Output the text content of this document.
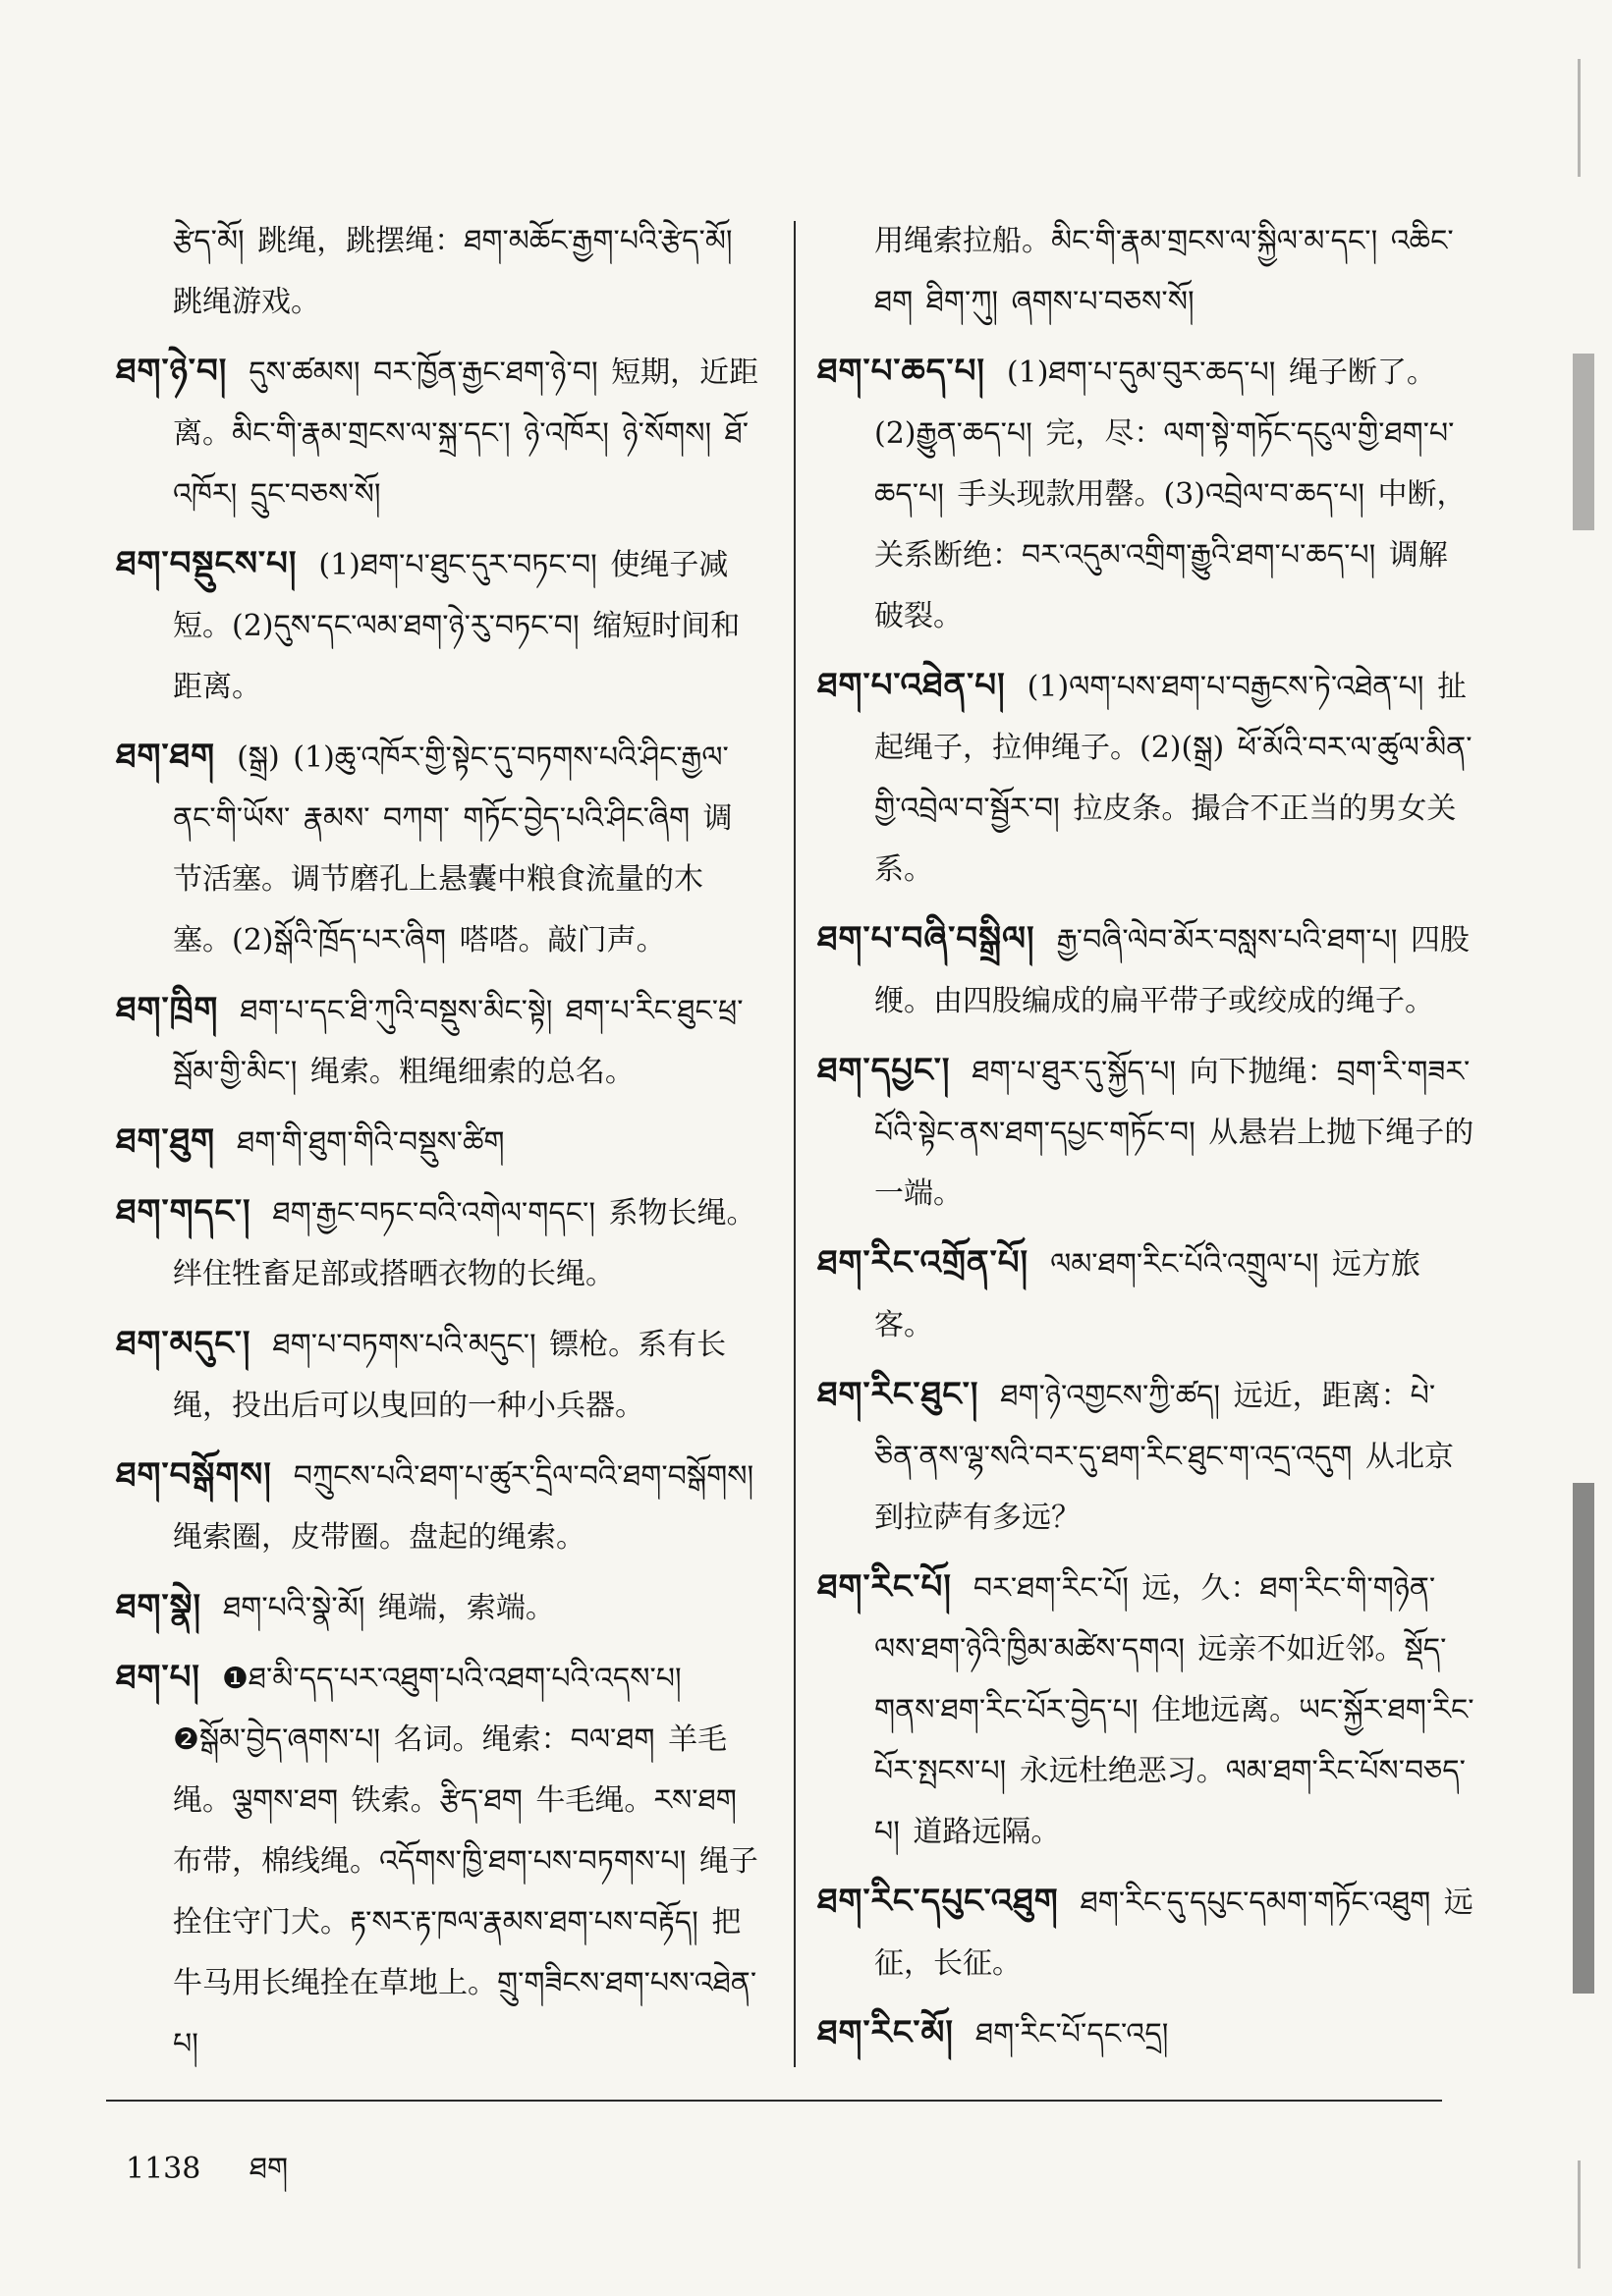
རྩེད་མོ། 跳绳，跳摆绳：ཐག་མཆོང་རྒྱག་པའི་རྩེད་མོ། 跳绳游戏。
ཐག་ཉེ་བ། དུས་ཚམས། བར་ཁྱོན་རྒྱང་ཐག་ཉེ་བ། 短期，近距离。མིང་གི་རྣམ་གྲངས་ལ་སྐྲ་དང་། ཉེ་འཁོར། ཉེ་སོགས། ཐོ་འཁོར། དྲུང་བཅས་སོ།
ཐག་བསྡུངས་པ། (1)ཐག་པ་ཐུང་དུར་བཏང་བ། 使绳子减短。(2)དུས་དང་ལམ་ཐག་ཉེ་རུ་བཏང་བ། 缩短时间和距离。
ཐག་ཐག (སྒྲ) (1)ཆུ་འཁོར་གྱི་སྟེང་དུ་བཏགས་པའི་ཤིང་རྒྱལ་ནང་གི་ཡོས་ རྣམས་ བཀག་ གཏོང་བྱེད་པའི་ཤིང་ཞིག 调节活塞。调节磨孔上悬囊中粮食流量的木塞。(2)སྒོའི་ཁྲོད་པར་ཞིག 嗒嗒。敲门声。
ཐག་ཁྲིག ཐག་པ་དང་ཐི་ཀུའི་བསྡུས་མིང་སྟེ། ཐག་པ་རིང་ཐུང་ཕྲ་སྦོམ་གྱི་མིང་། 绳索。粗绳细索的总名。
ཐག་ཐུག ཐག་གི་ཐུག་གིའི་བསྡུས་ཚིག
ཐག་གདང་། ཐག་རྒྱང་བཏང་བའི་འགེལ་གདང་། 系物长绳。绊住牲畜足部或搭晒衣物的长绳。
ཐག་མདུང་། ཐག་པ་བཏགས་པའི་མདུང་། 镖枪。系有长绳，投出后可以曳回的一种小兵器。
ཐག་བསྒོགས། བཀྲུངས་པའི་ཐག་པ་ཚུར་དྲིལ་བའི་ཐག་བསྒོགས། 绳索圈，皮带圈。盘起的绳索。
ཐག་སྣེ། ཐག་པའི་སྣེ་མོ། 绳端，索端。
ཐག་པ། ❶ཐ་མི་དད་པར་འཐུག་པའི་འཐག་པའི་འདས་པ། ❷སྒོམ་བྱེད་ཞགས་པ། 名词。绳索：བལ་ཐག 羊毛绳。ལྕགས་ཐག 铁索。རྩིད་ཐག 牛毛绳。རས་ཐག 布带，棉线绳。འདོགས་ཁྱི་ཐག་པས་བཏགས་པ། 绳子拴住守门犬。རྟ་སར་རྟ་ཁལ་རྣམས་ཐག་པས་བརྟོད། 把牛马用长绳拴在草地上。གྲུ་གཟིངས་ཐག་པས་འཐེན་པ།
用绳索拉船。མིང་གི་རྣམ་གྲངས་ལ་སྐྱིལ་མ་དང་། འཆིང་ཐག ཐིག་ཀུ། ཞགས་པ་བཅས་སོ།
ཐག་པ་ཆད་པ། (1)ཐག་པ་དུམ་བུར་ཆད་པ། 绳子断了。(2)རྒྱུན་ཆད་པ། 完，尽：ལག་སྟེ་གཏོང་དངུལ་གྱི་ཐག་པ་ཆད་པ། 手头现款用罄。(3)འབྲེལ་བ་ཆད་པ། 中断，关系断绝：བར་འདུམ་འགྲིག་རྒྱུའི་ཐག་པ་ཆད་པ། 调解破裂。
ཐག་པ་འཐེན་པ། (1)ལག་པས་ཐག་པ་བརྒྱངས་ཏེ་འཐེན་པ། 扯起绳子，拉伸绳子。(2)(སྒྲ) ཕོ་མོའི་བར་ལ་ཚུལ་མིན་གྱི་འབྲེལ་བ་སྦྱོར་བ། 拉皮条。撮合不正当的男女关系。
ཐག་པ་བཞི་བསྒྲིལ། རྒྱ་བཞི་ལེབ་མོར་བསླས་པའི་ཐག་པ། 四股缏。由四股编成的扁平带子或绞成的绳子。
ཐག་དཔྱང་། ཐག་པ་ཐུར་དུ་སྐྱོད་པ། 向下抛绳：བྲག་རི་གཟར་པོའི་སྟེང་ནས་ཐག་དཔྱང་གཏོང་བ། 从悬岩上抛下绳子的一端。
ཐག་རིང་འགྲོན་པོ། ལམ་ཐག་རིང་པོའི་འགྲུལ་པ། 远方旅客。
ཐག་རིང་ཐུང་། ཐག་ཉེ་འགྱངས་ཀྱི་ཚད། 远近，距离：པེ་ཅིན་ནས་ལྷ་སའི་བར་དུ་ཐག་རིང་ཐུང་ག་འདྲ་འདུག 从北京到拉萨有多远？
ཐག་རིང་པོ། བར་ཐག་རིང་པོ། 远，久：ཐག་རིང་གི་གཉེན་ལས་ཐག་ཉེའི་ཁྱིམ་མཚེས་དགའ། 远亲不如近邻。སྡོད་གནས་ཐག་རིང་པོར་བྱེད་པ། 住地远离。ཡང་སྐྱོར་ཐག་རིང་པོར་སྤངས་པ། 永远杜绝恶习。ལམ་ཐག་རིང་པོས་བཅད་པ། 道路远隔。
ཐག་རིང་དཔུང་འཐུག ཐག་རིང་དུ་དཔུང་དམག་གཏོང་འཐུག 远征，长征。
ཐག་རིང་མོ། ཐག་རིང་པོ་དང་འདྲ།
1138 ཐག
